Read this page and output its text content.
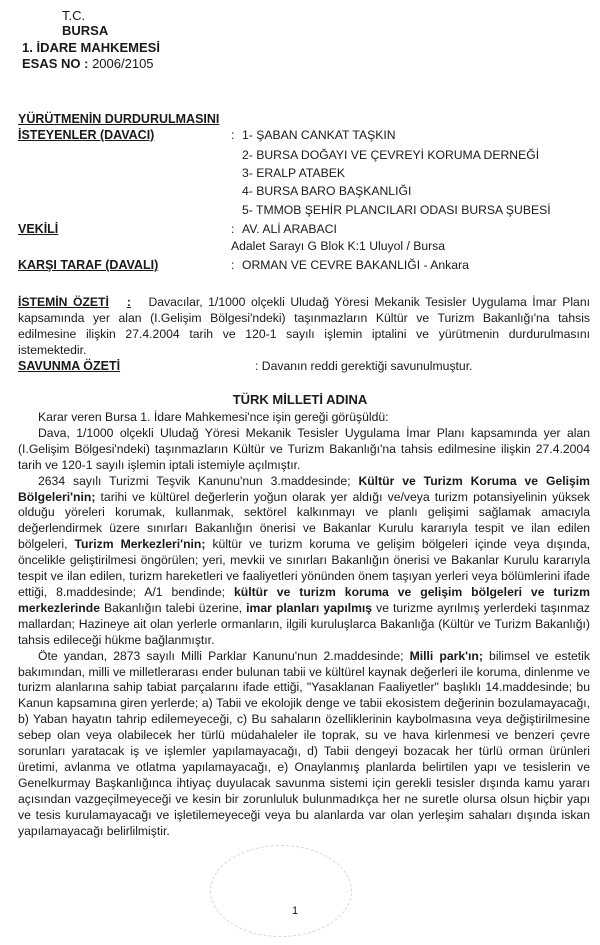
T.C.
BURSA
1. İDARE MAHKEMESİ
ESAS NO : 2006/2105
YÜRÜTMENİN DURDURULMASINI
İSTEYENLER (DAVACI)	: 1- ŞABAN CANKAT TAŞKIN
2- BURSA DOĞAYI VE ÇEVREYİ KORUMA DERNEĞİ
3- ERALP ATABEK
4- BURSA BARO BAŞKANLIĞI
5- TMMOB ŞEHİR PLANCILARI ODASI BURSA ŞUBESİ
VEKİLİ	: AV. ALİ ARABACI
Adalet Sarayı G Blok K:1 Uluyol / Bursa
KARŞI TARAF (DAVALI)	: ORMAN VE CEVRE BAKANLIĞI - Ankara
İSTEMİN ÖZETİ : Davacılar, 1/1000 olçekli Uludağ Yöresi Mekanik Tesisler Uygulama İmar Planı kapsamında yer alan (I.Gelişim Bölgesi'ndeki) taşınmazların Kültür ve Turizm Bakanlığı'na tahsis edilmesine ilişkin 27.4.2004 tarih ve 120-1 sayılı işlemin iptalini ve yürütmenin durdurulmasını istemektedir.
SAVUNMA ÖZETİ	: Davanın reddi gerektiği savunulmuştur.
TÜRK MİLLETİ ADINA

Karar veren Bursa 1. İdare Mahkemesi'nce işin gereği görüşüldü:

Dava, 1/1000 olçekli Uludağ Yöresi Mekanik Tesisler Uygulama İmar Planı kapsamında yer alan (I.Gelişim Bölgesi'ndeki) taşınmazların Kültür ve Turizm Bakanlığı'na tahsis edilmesine ilişkin 27.4.2004 tarih ve 120-1 sayılı işlemin iptali istemiyle açılmıştır.

2634 sayılı Turizmi Teşvik Kanunu'nun 3.maddesinde; Kültür ve Turizm Koruma ve Gelişim Bölgeleri'nin; tarihi ve kültürel değerlerin yoğun olarak yer aldığı ve/veya turizm potansiyelinin yüksek olduğu yöreleri korumak, kullanmak, sektörel kalkınmayı ve planlı gelişimi sağlamak amacıyla değerlendirmek üzere sınırları Bakanlığın önerisi ve Bakanlar Kurulu kararıyla tespit ve ilan edilen bölgeleri, Turizm Merkezleri'nin; kültür ve turizm koruma ve gelişim bölgeleri içinde veya dışında, öncelikle geliştirilmesi öngörülen; yeri, mevkii ve sınırları Bakanlığın önerisi ve Bakanlar Kurulu kararıyla tespit ve ilan edilen, turizm hareketleri ve faaliyetleri yönünden önem taşıyan yerleri veya bölümlerini ifade ettiği, 8.maddesinde; A/1 bendinde; kültür ve turizm koruma ve gelişim bölgeleri ve turizm merkezlerinde Bakanlığın talebi üzerine, imar planları yapılmış ve turizme ayrılmış yerlerdeki taşınmaz mallardan; Hazineye ait olan yerlerle ormanların, ilgili kuruluşlarca Bakanlığa (Kültür ve Turizm Bakanlığı) tahsis edileceği hükme bağlanmıştır.

Öte yandan, 2873 sayılı Milli Parklar Kanunu'nun 2.maddesinde; Milli park'ın; bilimsel ve estetik bakımından, milli ve milletlerarası ender bulunan tabii ve kültürel kaynak değerleri ile koruma, dinlenme ve turizm alanlarına sahip tabiat parçalarını ifade ettiği, "Yasaklanan Faaliyetler" başlıklı 14.maddesinde; bu Kanun kapsamına giren yerlerde; a) Tabii ve ekolojik denge ve tabii ekosistem değerinin bozulamayacağı, b) Yaban hayatın tahrip edilemeyeceği, c) Bu sahaların özelliklerinin kaybolmasına veya değiştirilmesine sebep olan veya olabilecek her türlü müdahaleler ile toprak, su ve hava kirlenmesi ve benzeri çevre sorunları yaratacak iş ve işlemler yapılamayacağı, d) Tabii dengeyi bozacak her türlü orman ürünleri üretimi, avlanma ve otlatma yapılamayacağı, e) Onaylanmış planlarda belirtilen yapı ve tesislerin ve Genelkurmay Başkanlığınca ihtiyaç duyulacak savunma sistemi için gerekli tesisler dışında kamu yararı açısından vazgeçilmeyeceği ve kesin bir zorunluluk bulunmadıkça her ne suretle olursa olsun hiçbir yapı ve tesis kurulamayacağı ve işletilemeyeceği veya bu alanlarda var olan yerleşim sahaları dışında iskan yapılamayacağı belirlilmiştir.

1
